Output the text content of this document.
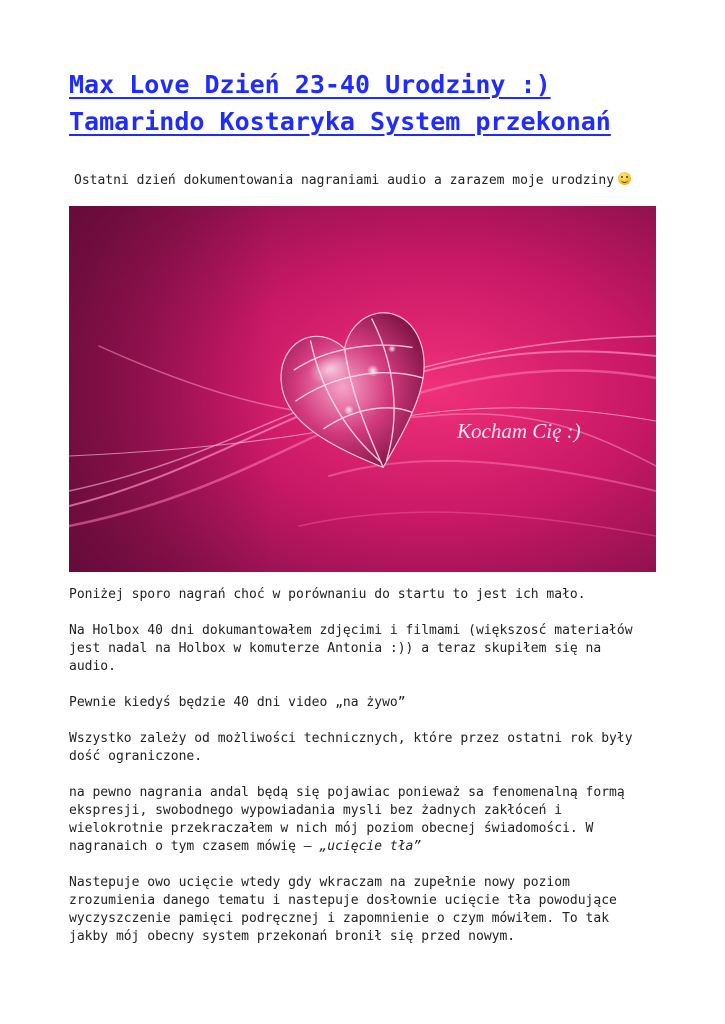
Max Love Dzień 23-40 Urodziny :)
Tamarindo Kostaryka System przekonań
Ostatni dzień dokumentowania nagraniami audio a zarazem moje urodziny
Kocham Cię :)

Poniżej sporo nagrań choć w porównaniu do startu to jest ich mało.

Na Holbox 40 dni dokumantowałem zdjęcimi i filmami (większosć materiałów
jest nadal na Holbox w komuterze Antonia :)) a teraz skupiłem się na
audio.

Pewnie kiedyś będzie 40 dni video „na żywo”

Wszystko zależy od możliwości technicznych, które przez ostatni rok były
dość ograniczone.

na pewno nagrania andal będą się pojawiac ponieważ sa fenomenalną formą
ekspresji, swobodnego wypowiadania mysli bez żadnych zakłóceń i
wielokrotnie przekraczałem w nich mój poziom obecnej świadomości. W
nagranaich o tym czasem mówię – „ucięcie tła”

Nastepuje owo ucięcie wtedy gdy wkraczam na zupełnie nowy poziom
zrozumienia danego tematu i nastepuje dosłownie ucięcie tła powodujące
wyczyszczenie pamięci podręcznej i zapomnienie o czym mówiłem. To tak
jakby mój obecny system przekonań bronił się przed nowym.
